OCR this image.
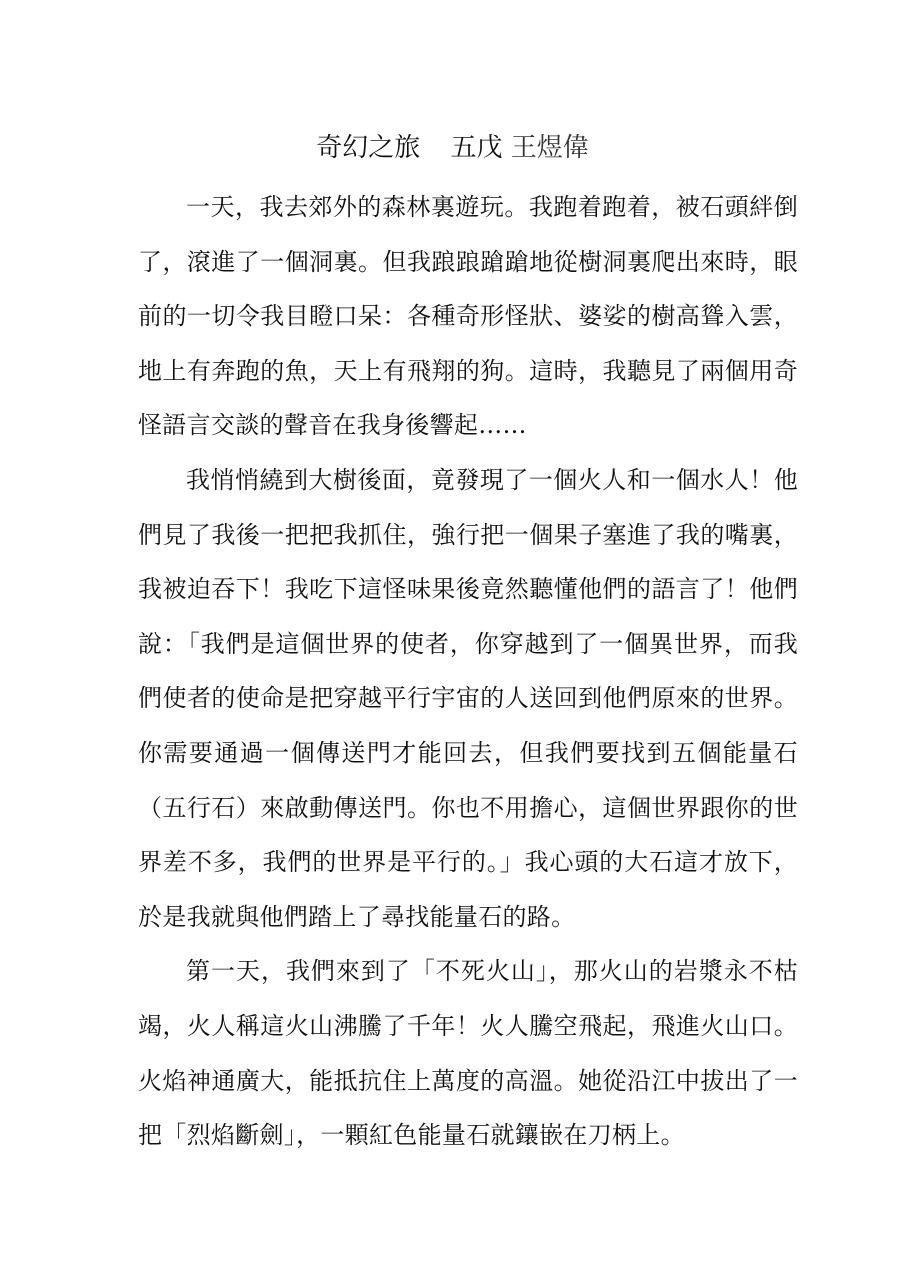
奇幻之旅 五戊 王煜偉

一天，我去郊外的森林裏遊玩。我跑着跑着，被石頭絆倒了，滾進了一個洞裏。但我踉踉蹌蹌地從樹洞裏爬出來時，眼前的一切令我目瞪口呆：各種奇形怪狀、婆娑的樹高聳入雲，地上有奔跑的魚，天上有飛翔的狗。這時，我聽見了兩個用奇怪語言交談的聲音在我身後響起……

我悄悄繞到大樹後面，竟發現了一個火人和一個水人！他們見了我後一把把我抓住，強行把一個果子塞進了我的嘴裏，我被迫吞下！我吃下這怪味果後竟然聽懂他們的語言了！他們說：「我們是這個世界的使者，你穿越到了一個異世界，而我們使者的使命是把穿越平行宇宙的人送回到他們原來的世界。你需要通過一個傳送門才能回去，但我們要找到五個能量石（五行石）來啟動傳送門。你也不用擔心，這個世界跟你的世界差不多，我們的世界是平行的。」我心頭的大石這才放下，於是我就與他們踏上了尋找能量石的路。

第一天，我們來到了「不死火山」，那火山的岩漿永不枯竭，火人稱這火山沸騰了千年！火人騰空飛起，飛進火山口。火焰神通廣大，能抵抗住上萬度的高溫。她從沿江中拔出了一把「烈焰斷劍」，一顆紅色能量石就鑲嵌在刀柄上。
